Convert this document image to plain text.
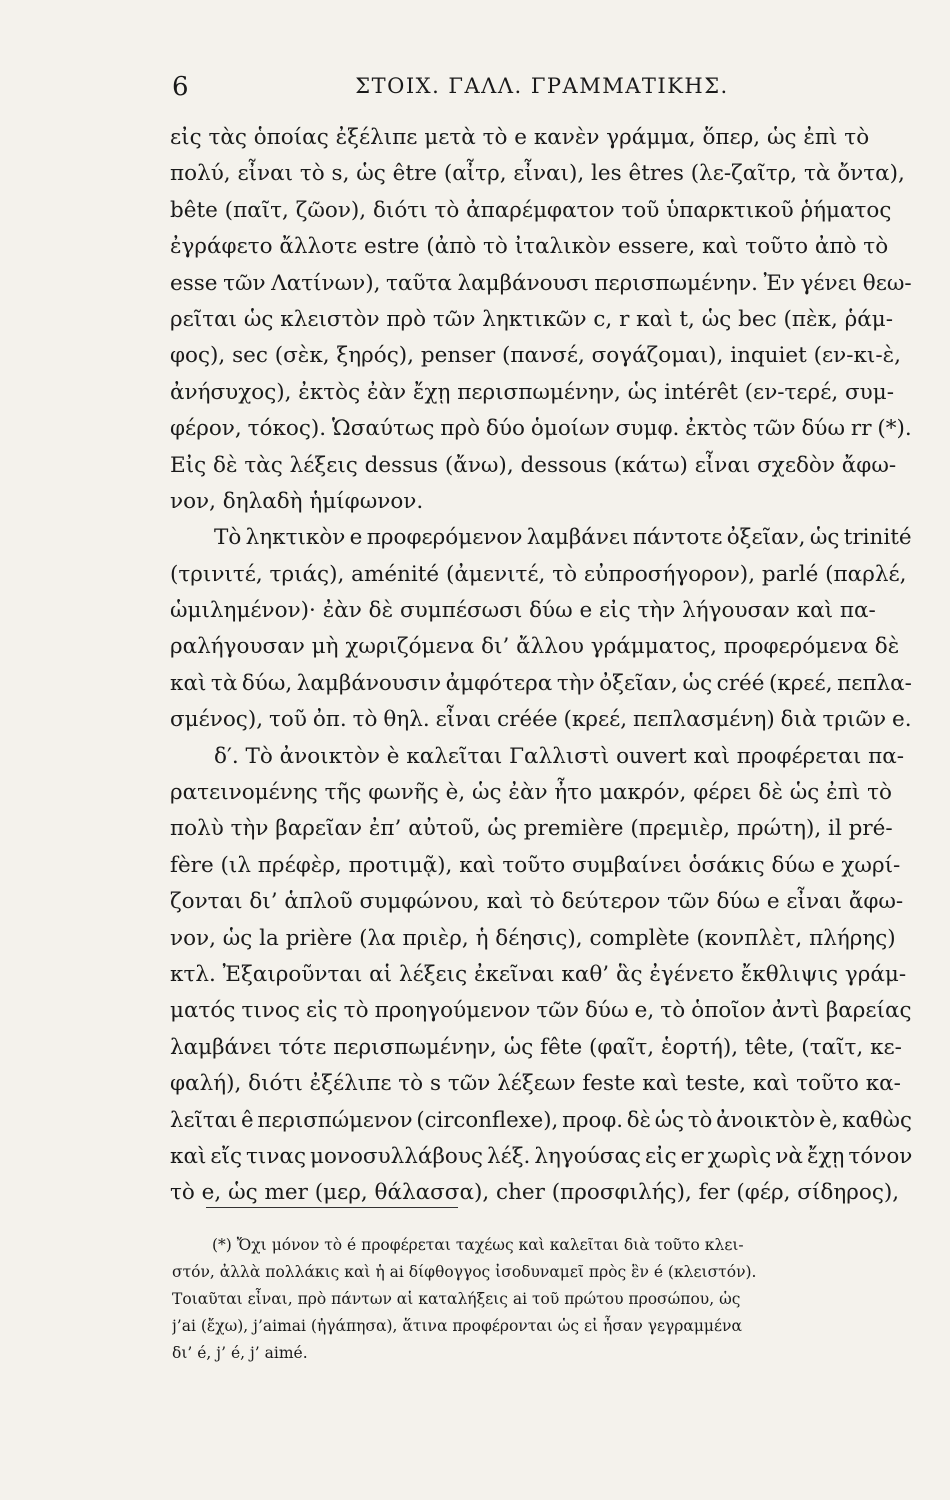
6	ΣΤΟΙΧ. ΓΑΛΛ. ΓΡΑΜΜΑΤΙΚΗΣ.
εἰς τὰς ὁποίας ἐξέλιπε μετὰ τὸ e κανὲν γράμμα, ὅπερ, ὡς ἐπὶ τὸ
πολύ, εἶναι τὸ s, ὡς être (αἶτρ, εἶναι), les êtres (λε-ζαῖτρ, τὰ ὄντα),
bête (παῖτ, ζῶον), διότι τὸ ἀπαρέμφατον τοῦ ὑπαρκτικοῦ ῥήματος
ἐγράφετο ἄλλοτε estre (ἀπὸ τὸ ἰταλικὸν essere, καὶ τοῦτο ἀπὸ τὸ
esse τῶν Λατίνων), ταῦτα λαμβάνουσι περισπωμένην. Ἐν γένει θεω-
ρεῖται ὡς κλειστὸν πρὸ τῶν ληκτικῶν c, r καὶ t, ὡς bec (πὲκ, ῥάμ-
φος), sec (σὲκ, ξηρός), penser (πανσέ, σογάζομαι), inquiet (εν-κι-ὲ,
ἀνήσυχος), ἐκτὸς ἐὰν ἔχῃ περισπωμένην, ὡς intérêt (εν-τερέ, συμ-
φέρον, τόκος). Ὡσαύτως πρὸ δύο ὁμοίων συμφ. ἐκτὸς τῶν δύω rr (*).
Εἰς δὲ τὰς λέξεις dessus (ἄνω), dessous (κάτω) εἶναι σχεδὸν ἄφω-
νον, δηλαδὴ ἡμίφωνον.
Τὸ ληκτικὸν e προφερόμενον λαμβάνει πάντοτε ὀξεῖαν, ὡς trinité
(τρινιτέ, τριάς), aménité (ἀμενιτέ, τὸ εὐπροσήγορον), parlé (παρλέ,
ὡμιλημένον)· ἐὰν δὲ συμπέσωσι δύω e εἰς τὴν λήγουσαν καὶ πα-
ραλήγουσαν μὴ χωριζόμενα δι’ ἄλλου γράμματος, προφερόμενα δὲ
καὶ τὰ δύω, λαμβάνουσιν ἀμφότερα τὴν ὀξεῖαν, ὡς créé (κρεέ, πεπλα-
σμένος), τοῦ ὀπ. τὸ θηλ. εἶναι créée (κρεέ, πεπλασμένη) διὰ τριῶν e.
δ′. Τὸ ἀνοικτὸν è καλεῖται Γαλλιστὶ ouvert καὶ προφέρεται πα-
ρατεινομένης τῆς φωνῆς è, ὡς ἐὰν ἦτο μακρόν, φέρει δὲ ὡς ἐπὶ τὸ
πολὺ τὴν βαρεῖαν ἐπ’ αὐτοῦ, ὡς première (πρεμιὲρ, πρώτη), il pré-
fère (ιλ πρέφὲρ, προτιμᾷ), καὶ τοῦτο συμβαίνει ὁσάκις δύω e χωρί-
ζονται δι’ ἁπλοῦ συμφώνου, καὶ τὸ δεύτερον τῶν δύω e εἶναι ἄφω-
νον, ὡς la prière (λα πριὲρ, ἡ δέησις), complète (κονπλὲτ, πλήρης)
κτλ. Ἐξαιροῦνται αἱ λέξεις ἐκεῖναι καθ’ ἃς ἐγένετο ἔκθλιψις γράμ-
ματός τινος εἰς τὸ προηγούμενον τῶν δύω e, τὸ ὁποῖον ἀντὶ βαρείας
λαμβάνει τότε περισπωμένην, ὡς fête (φαῖτ, ἑορτή), tête, (ταῖτ, κε-
φαλή), διότι ἐξέλιπε τὸ s τῶν λέξεων feste καὶ teste, καὶ τοῦτο κα-
λεῖται ê περισπώμενον (circonflexe), προφ. δὲ ὡς τὸ ἀνοικτὸν è, καθὼς
καὶ εἴς τινας μονοσυλλάβους λέξ. ληγούσας εἰς er χωρὶς νὰ ἔχῃ τόνον
τὸ e, ὡς mer (μερ, θάλασσα), cher (προσφιλής), fer (φέρ, σίδηρος),
(*) Ὄχι μόνον τὸ é προφέρεται ταχέως καὶ καλεῖται διὰ τοῦτο κλει-
στόν, ἀλλὰ πολλάκις καὶ ἡ ai δίφθογγος ἰσοδυναμεῖ πρὸς ἓν é (κλειστόν).
Τοιαῦται εἶναι, πρὸ πάντων αἱ καταλήξεις ai τοῦ πρώτου προσώπου, ὡς
j’ai (ἔχω), j’aimai (ἠγάπησα), ἅτινα προφέρονται ὡς εἰ ἦσαν γεγραμμένα
δι’ é, j’ é, j’ aimé.
